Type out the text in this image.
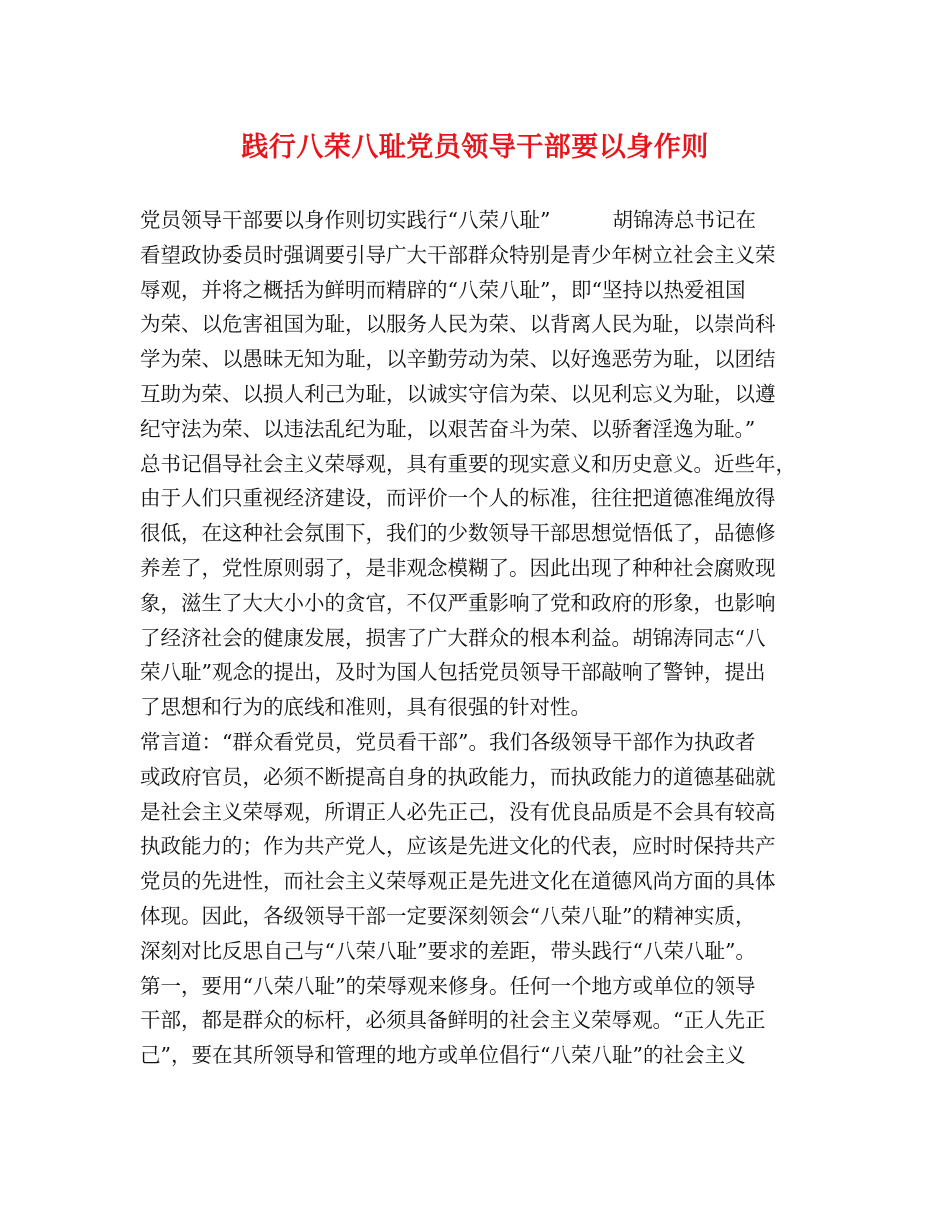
践行八荣八耻党员领导干部要以身作则
党员领导干部要以身作则切实践行“八荣八耻”	胡锦涛总书记在
看望政协委员时强调要引导广大干部群众特别是青少年树立社会主义荣
辱观，并将之概括为鲜明而精辟的“八荣八耻”，即“坚持以热爱祖国
为荣、以危害祖国为耻，以服务人民为荣、以背离人民为耻，以崇尚科
学为荣、以愚昧无知为耻，以辛勤劳动为荣、以好逸恶劳为耻，以团结
互助为荣、以损人利己为耻，以诚实守信为荣、以见利忘义为耻，以遵
纪守法为荣、以违法乱纪为耻，以艰苦奋斗为荣、以骄奢淫逸为耻。”
总书记倡导社会主义荣辱观，具有重要的现实意义和历史意义。近些年，
由于人们只重视经济建设，而评价一个人的标准，往往把道德准绳放得
很低，在这种社会氛围下，我们的少数领导干部思想觉悟低了，品德修
养差了，党性原则弱了，是非观念模糊了。因此出现了种种社会腐败现
象，滋生了大大小小的贪官，不仅严重影响了党和政府的形象，也影响
了经济社会的健康发展，损害了广大群众的根本利益。胡锦涛同志“八
荣八耻”观念的提出，及时为国人包括党员领导干部敲响了警钟，提出
了思想和行为的底线和准则，具有很强的针对性。
常言道：“群众看党员，党员看干部”。我们各级领导干部作为执政者
或政府官员，必须不断提高自身的执政能力，而执政能力的道德基础就
是社会主义荣辱观，所谓正人必先正己，没有优良品质是不会具有较高
执政能力的；作为共产党人，应该是先进文化的代表，应时时保持共产
党员的先进性，而社会主义荣辱观正是先进文化在道德风尚方面的具体
体现。因此，各级领导干部一定要深刻领会“八荣八耻”的精神实质，
深刻对比反思自己与“八荣八耻”要求的差距，带头践行“八荣八耻”。
第一，要用“八荣八耻”的荣辱观来修身。任何一个地方或单位的领导
干部，都是群众的标杆，必须具备鲜明的社会主义荣辱观。“正人先正
己”，要在其所领导和管理的地方或单位倡行“八荣八耻”的社会主义
